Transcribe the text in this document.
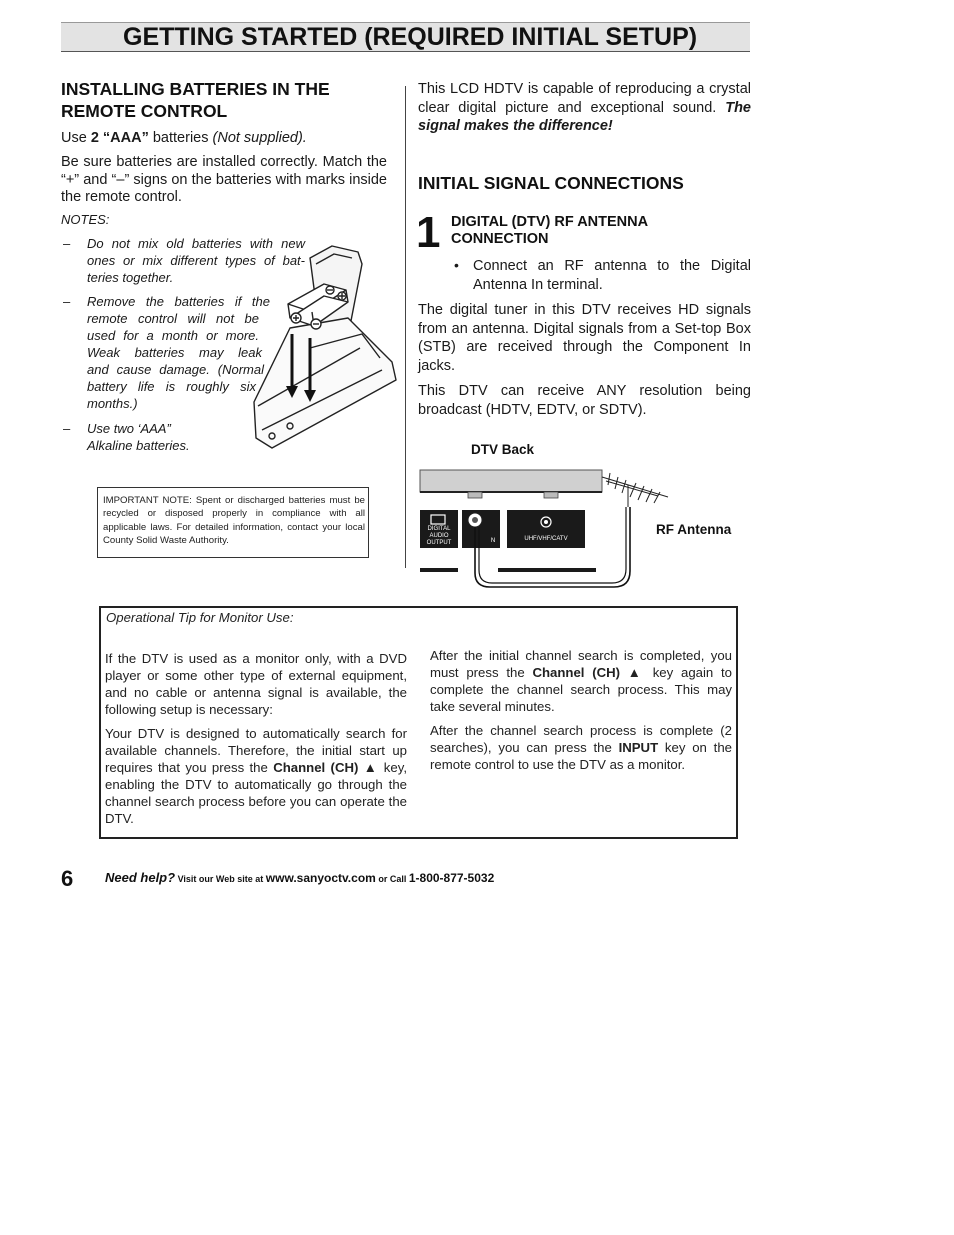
GETTING STARTED (REQUIRED INITIAL SETUP)
INSTALLING BATTERIES IN THE
REMOTE CONTROL
Use 2 “AAA” batteries (Not supplied).
Be sure batteries are installed correctly. Match the “+” and “–” signs on the batteries with marks inside the remote control.
NOTES:
– Do not mix old batteries with new
ones or mix different types of bat-
teries together.
– Remove the batteries if the
remote control will not be
used for a month or more.
Weak batteries may leak
and cause damage. (Normal
battery life is roughly six
months.)
– Use two ‘AAA”
Alkaline batteries.
IMPORTANT NOTE: Spent or discharged batteries must be recycled or disposed properly in compliance with all applicable laws. For detailed information, contact your local County Solid Waste Authority.
This LCD HDTV is capable of reproducing a crystal clear digital picture and exceptional sound. The signal makes the difference!
INITIAL SIGNAL CONNECTIONS
1 DIGITAL (DTV) RF ANTENNA
CONNECTION
• Connect an RF antenna to the Digital Antenna In terminal.
The digital tuner in this DTV receives HD signals from an antenna. Digital signals from a Set-top Box (STB) are received through the Component In jacks.
This DTV can receive ANY resolution being broadcast (HDTV, EDTV, or SDTV).
DTV Back
RF Antenna
DIGITAL
AUDIO
OUTPUT	N	UHF/VHF/CATV
Operational Tip for Monitor Use:
If the DTV is used as a monitor only, with a DVD player or some other type of external equipment, and no cable or antenna signal is available, the following setup is necessary:
Your DTV is designed to automatically search for available channels. Therefore, the initial start up requires that you press the Channel (CH) ▲ key, enabling the DTV to automatically go through the channel search process before you can operate the DTV.
After the initial channel search is completed, you must press the Channel (CH) ▲ key again to complete the channel search process. This may take several minutes.
After the channel search process is complete (2 searches), you can press the INPUT key on the remote control to use the DTV as a monitor.
6 Need help? Visit our Web site at www.sanyoctv.com or Call 1-800-877-5032
